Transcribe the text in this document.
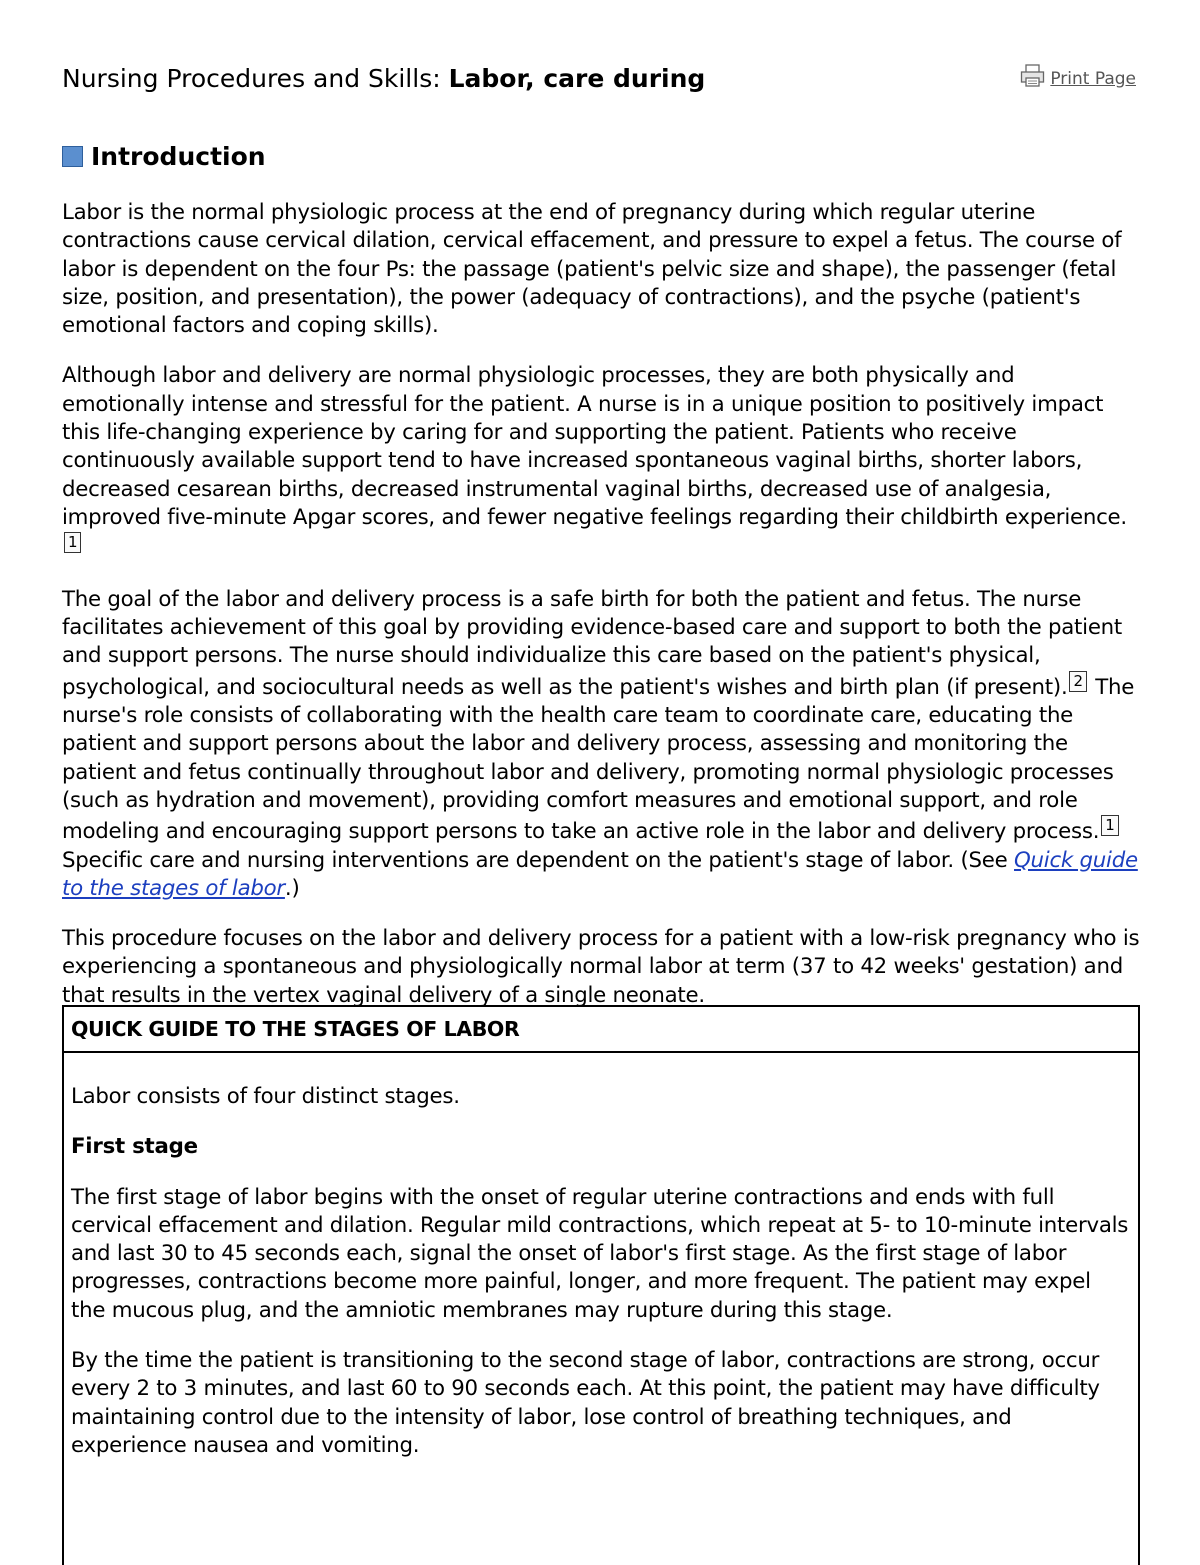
Nursing Procedures and Skills: Labor, care during	Print Page
Introduction

Labor is the normal physiologic process at the end of pregnancy during which regular uterine contractions cause cervical dilation, cervical effacement, and pressure to expel a fetus. The course of labor is dependent on the four Ps: the passage (patient's pelvic size and shape), the passenger (fetal size, position, and presentation), the power (adequacy of contractions), and the psyche (patient's emotional factors and coping skills).

Although labor and delivery are normal physiologic processes, they are both physically and emotionally intense and stressful for the patient. A nurse is in a unique position to positively impact this life-changing experience by caring for and supporting the patient. Patients who receive continuously available support tend to have increased spontaneous vaginal births, shorter labors, decreased cesarean births, decreased instrumental vaginal births, decreased use of analgesia, improved five-minute Apgar scores, and fewer negative feelings regarding their childbirth experience.1

The goal of the labor and delivery process is a safe birth for both the patient and fetus. The nurse facilitates achievement of this goal by providing evidence-based care and support to both the patient and support persons. The nurse should individualize this care based on the patient's physical, psychological, and sociocultural needs as well as the patient's wishes and birth plan (if present). 2 The nurse's role consists of collaborating with the health care team to coordinate care, educating the patient and support persons about the labor and delivery process, assessing and monitoring the patient and fetus continually throughout labor and delivery, promoting normal physiologic processes (such as hydration and movement), providing comfort measures and emotional support, and role modeling and encouraging support persons to take an active role in the labor and delivery process. 1 Specific care and nursing interventions are dependent on the patient's stage of labor. (See Quick guide to the stages of labor.)

This procedure focuses on the labor and delivery process for a patient with a low-risk pregnancy who is experiencing a spontaneous and physiologically normal labor at term (37 to 42 weeks' gestation) and that results in the vertex vaginal delivery of a single neonate.

QUICK GUIDE TO THE STAGES OF LABOR

Labor consists of four distinct stages.

First stage

The first stage of labor begins with the onset of regular uterine contractions and ends with full cervical effacement and dilation. Regular mild contractions, which repeat at 5- to 10-minute intervals and last 30 to 45 seconds each, signal the onset of labor's first stage. As the first stage of labor progresses, contractions become more painful, longer, and more frequent. The patient may expel the mucous plug, and the amniotic membranes may rupture during this stage.

By the time the patient is transitioning to the second stage of labor, contractions are strong, occur every 2 to 3 minutes, and last 60 to 90 seconds each. At this point, the patient may have difficulty maintaining control due to the intensity of labor, lose control of breathing techniques, and experience nausea and vomiting.
